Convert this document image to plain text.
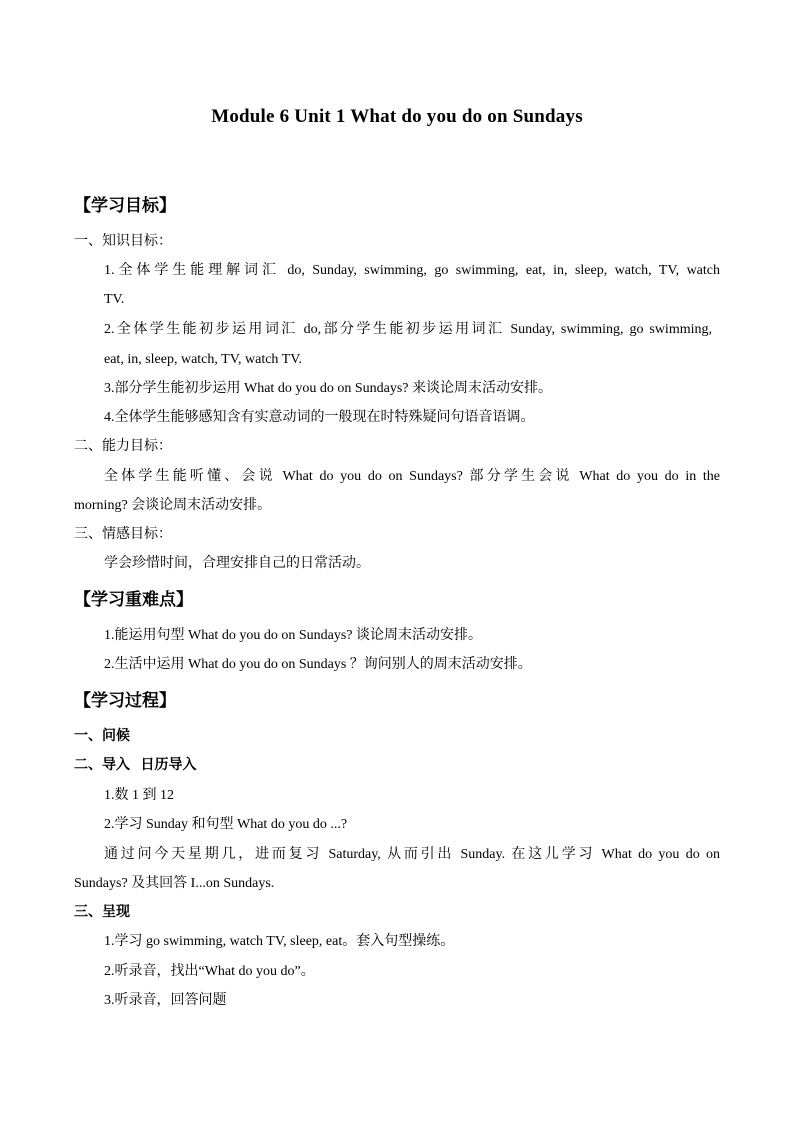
Module 6 Unit 1 What do you do on Sundays
【学习目标】
一、知识目标：
1.全体学生能理解词汇 do, Sunday, swimming, go swimming, eat, in, sleep, watch, TV, watch
TV.
2.全体学生能初步运用词汇 do,部分学生能初步运用词汇 Sunday, swimming, go swimming,
eat, in, sleep, watch, TV, watch TV.
3.部分学生能初步运用 What do you do on Sundays? 来谈论周末活动安排。
4.全体学生能够感知含有实意动词的一般现在时特殊疑问句语音语调。
二、能力目标：
全体学生能听懂、会说 What do you do on Sundays? 部分学生会说 What do you do in the
morning? 会谈论周末活动安排。
三、情感目标：
学会珍惜时间，合理安排自己的日常活动。
【学习重难点】
1.能运用句型 What do you do on Sundays? 谈论周末活动安排。
2.生活中运用 What do you do on Sundays ？询问别人的周末活动安排。
【学习过程】
一、问候
二、导入   日历导入
1.数 1 到 12
2.学习 Sunday 和句型 What do you do ...?
通过问今天星期几，进而复习 Saturday, 从而引出 Sunday. 在这儿学习 What do you do on
Sundays? 及其回答 I...on Sundays.
三、呈现
1.学习 go swimming, watch TV, sleep, eat。套入句型操练。
2.听录音，找出“What do you do”。
3.听录音，回答问题
